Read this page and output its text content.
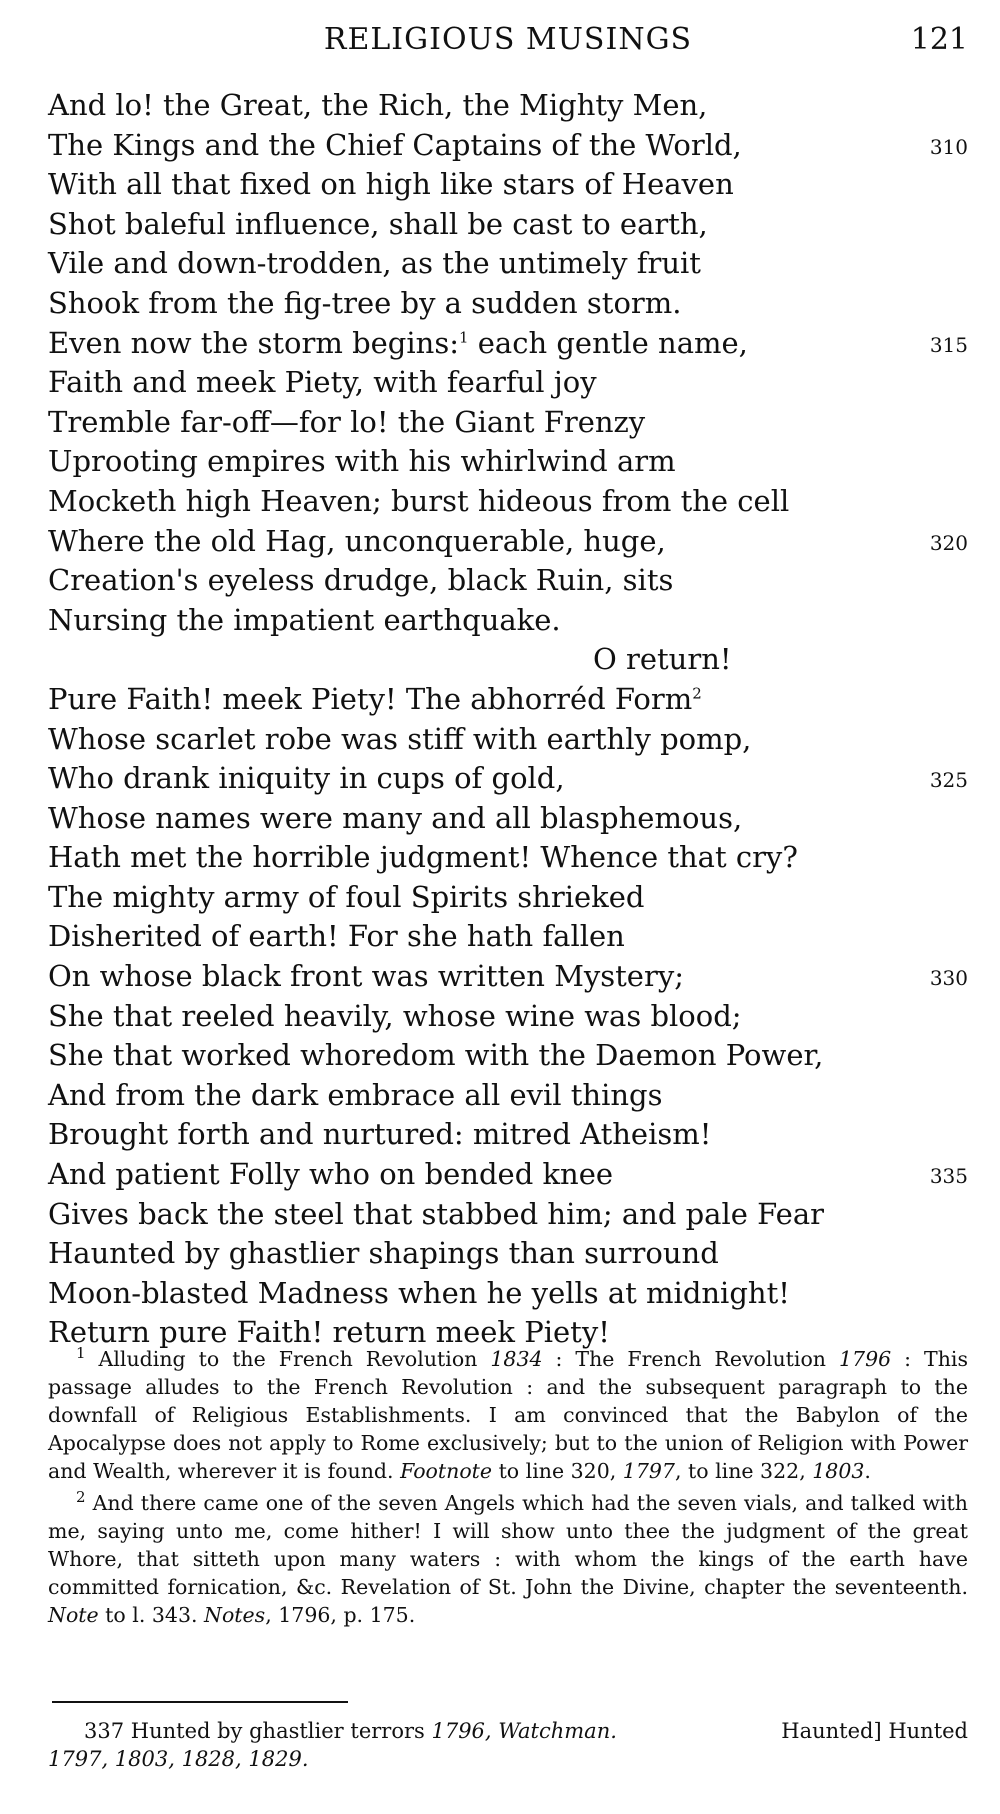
RELIGIOUS MUSINGS	121
And lo! the Great, the Rich, the Mighty Men,
The Kings and the Chief Captains of the World,	310
With all that fixed on high like stars of Heaven
Shot baleful influence, shall be cast to earth,
Vile and down-trodden, as the untimely fruit
Shook from the fig-tree by a sudden storm.
Even now the storm begins:$^1$ each gentle name,	315
Faith and meek Piety, with fearful joy
Tremble far-off—for lo! the Giant Frenzy
Uprooting empires with his whirlwind arm
Mocketh high Heaven; burst hideous from the cell
Where the old Hag, unconquerable, huge,	320
Creation's eyeless drudge, black Ruin, sits
Nursing the impatient earthquake.
O return!
Pure Faith! meek Piety! The abhorréd Form$^2$
Whose scarlet robe was stiff with earthly pomp,
Who drank iniquity in cups of gold,	325
Whose names were many and all blasphemous,
Hath met the horrible judgment! Whence that cry?
The mighty army of foul Spirits shrieked
Disherited of earth! For she hath fallen
On whose black front was written Mystery;	330
She that reeled heavily, whose wine was blood;
She that worked whoredom with the Daemon Power,
And from the dark embrace all evil things
Brought forth and nurtured: mitred Atheism!
And patient Folly who on bended knee	335
Gives back the steel that stabbed him; and pale Fear
Haunted by ghastlier shapings than surround
Moon-blasted Madness when he yells at midnight!
Return pure Faith! return meek Piety!

$^1$ Alluding to the French Revolution 1834 : The French Revolution 1796 : This passage alludes to the French Revolution : and the subsequent paragraph to the downfall of Religious Establishments. I am convinced that the Babylon of the Apocalypse does not apply to Rome exclusively; but to the union of Religion with Power and Wealth, wherever it is found. Footnote to line 320, 1797, to line 322, 1803.

$^2$ And there came one of the seven Angels which had the seven vials, and talked with me, saying unto me, come hither! I will show unto thee the judgment of the great Whore, that sitteth upon many waters : with whom the kings of the earth have committed fornication, &c. Revelation of St. John the Divine, chapter the seventeenth. Note to l. 343. Notes, 1796, p. 175.

Haunted] Hunted
337 Hunted by ghastlier terrors 1796, Watchman.
1797, 1803, 1828, 1829.
